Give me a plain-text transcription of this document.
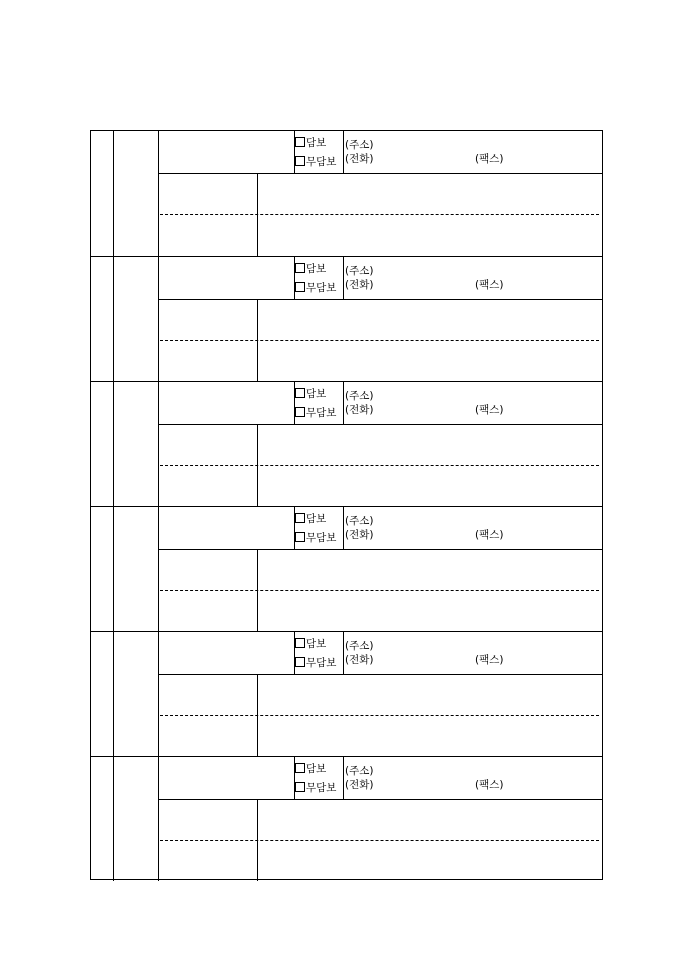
담보
무담보
(주소)
(전화)	(팩스)
담보
무담보
(주소)
(전화)	(팩스)
담보
무담보
(주소)
(전화)	(팩스)
담보
무담보
(주소)
(전화)	(팩스)
담보
무담보
(주소)
(전화)	(팩스)
담보
무담보
(주소)
(전화)	(팩스)
